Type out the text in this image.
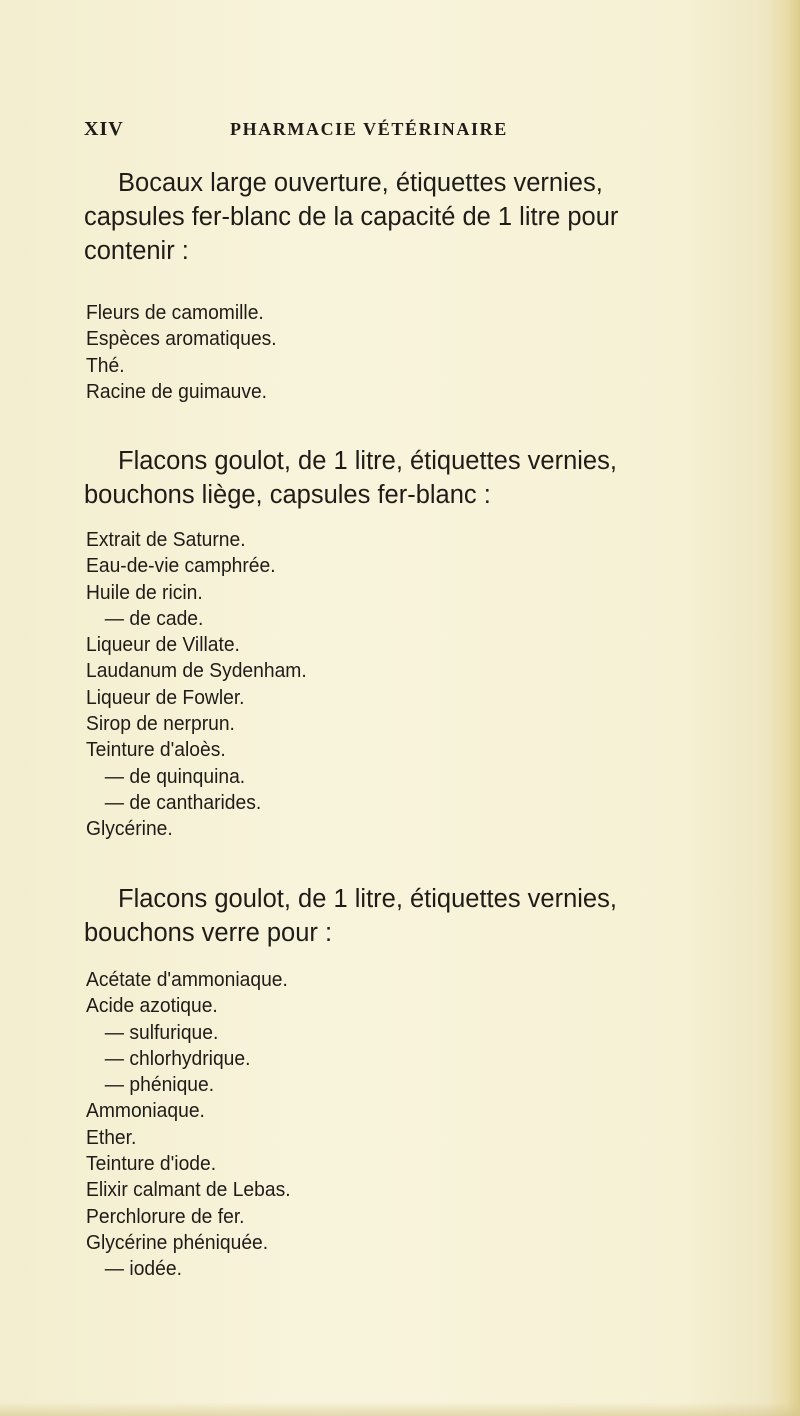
XIV	PHARMACIE VÉTÉRINAIRE

Bocaux large ouverture, étiquettes vernies,
capsules fer-blanc de la capacité de 1 litre pour
contenir :

Fleurs de camomille.
Espèces aromatiques.
Thé.
Racine de guimauve.

Flacons goulot, de 1 litre, étiquettes vernies,
bouchons liège, capsules fer-blanc :

Extrait de Saturne.
Eau-de-vie camphrée.
Huile de ricin.
— de cade.
Liqueur de Villate.
Laudanum de Sydenham.
Liqueur de Fowler.
Sirop de nerprun.
Teinture d'aloès.
— de quinquina.
— de cantharides.
Glycérine.

Flacons goulot, de 1 litre, étiquettes vernies,
bouchons verre pour :

Acétate d'ammoniaque.
Acide azotique.
— sulfurique.
— chlorhydrique.
— phénique.
Ammoniaque.
Ether.
Teinture d'iode.
Elixir calmant de Lebas.
Perchlorure de fer.
Glycérine phéniquée.
— iodée.
